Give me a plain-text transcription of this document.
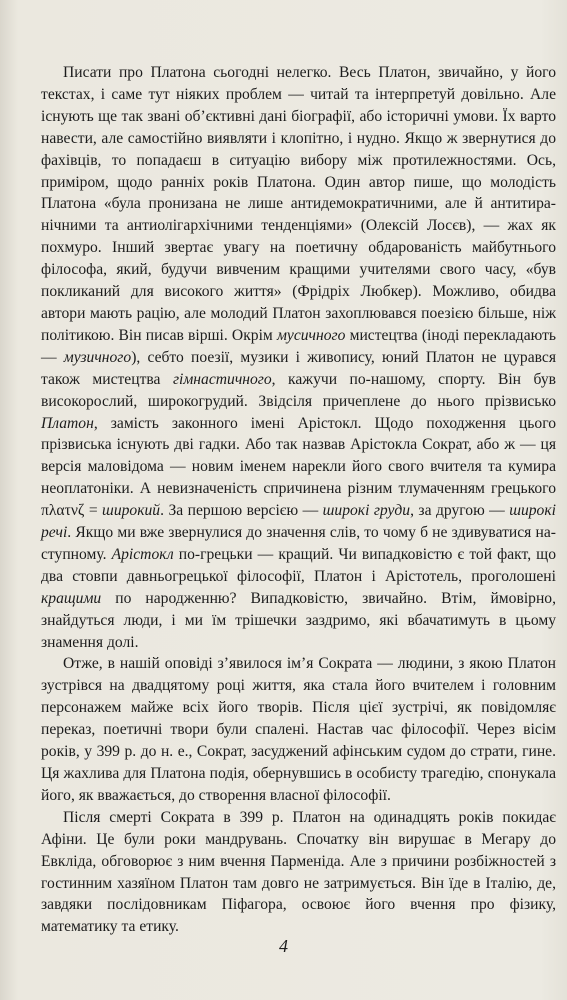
Писати про Платона сьогодні нелегко. Весь Платон, звичайно, у його текстах, і саме тут ніяких проблем — читай та інтерпретуй довільно. Але існують ще так звані об’єктивні дані біографії, або історичні умови. Їх варто навести, але самостійно виявляти і клопітно, і нудно. Якщо ж звернутися до фахівців, то попадаєш в ситуацію вибору між протилежностями. Ось, приміром, щодо ранніх років Платона. Один автор пише, що молодість Платона «була пронизана не лише антидемократичними, але й антитиранічними та антиолігархічними тенденціями» (Олексій Лосєв), — жах як похмуро. Інший звертає увагу на поетичну обдарованість майбутнього філософа, який, будучи вивченим кращими учителями свого часу, «був покликаний для високого життя» (Фрідріх Любкер). Можливо, обидва автори мають рацію, але молодий Платон захоплювався поезією більше, ніж політикою. Він писав вірші. Окрім мусичного мистецтва (іноді перекладають — музичного), себто поезії, музики і живопису, юний Платон не цурався також мистецтва гімнастичного, кажучи по-нашому, спорту. Він був високорослий, широкогрудий. Звідсіля причеплене до нього прізвисько Платон, замість законного імені Арістокл. Щодо походження цього прізвиська існують дві гадки. Або так назвав Арістокла Сократ, або ж — ця версія маловідома — новим іменем нарекли його свого вчителя та кумира неоплатоніки. А невизначеність спричинена різним тлумаченням грецького πλατνζ = широкий. За першою версією — широкі груди, за другою — широкі речі. Якщо ми вже звернулися до значення слів, то чому б не здивуватися наступному. Арістокл по-грецьки — кращий. Чи випадковістю є той факт, що два стовпи давньогрецької філософії, Платон і Арістотель, проголошені кращими по народженню? Випадковістю, звичайно. Втім, ймовірно, знайдуться люди, і ми їм трішечки заздримо, які вбачатимуть в цьому знамення долі.

Отже, в нашій оповіді з’явилося ім’я Сократа — людини, з якою Платон зустрівся на двадцятому році життя, яка стала його вчителем і головним персонажем майже всіх його творів. Після цієї зустрічі, як повідомляє переказ, поетичні твори були спалені. Настав час філософії. Через вісім років, у 399 р. до н. е., Сократ, засуджений афінським судом до страти, гине. Ця жахлива для Платона подія, обернувшись в особисту трагедію, спонукала його, як вважається, до створення власної філософії.

Після смерті Сократа в 399 р. Платон на одинадцять років покидає Афіни. Це були роки мандрувань. Спочатку він вирушає в Мегару до Евкліда, обговорює з ним вчення Парменіда. Але з причини розбіжностей з гостинним хазяїном Платон там довго не затримується. Він їде в Італію, де, завдяки послідовникам Піфагора, освоює його вчення про фізику, математику та етику.

4
